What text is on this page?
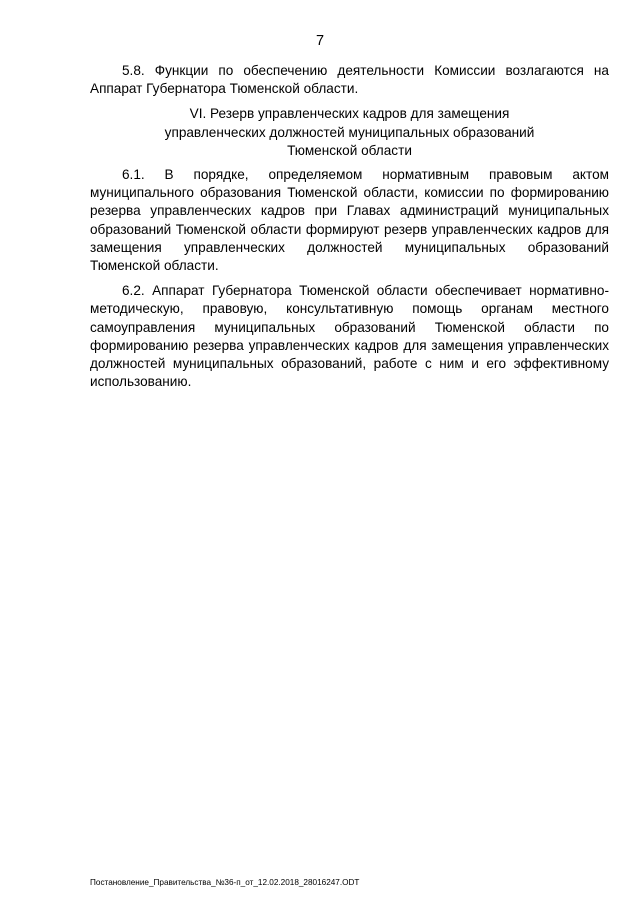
7

5.8. Функции по обеспечению деятельности Комиссии возлагаются на Аппарат Губернатора Тюменской области.

VI. Резерв управленческих кадров для замещения
управленческих должностей муниципальных образований
Тюменской области

6.1. В порядке, определяемом нормативным правовым актом муниципального образования Тюменской области, комиссии по формированию резерва управленческих кадров при Главах администраций муниципальных образований Тюменской области формируют резерв управленческих кадров для замещения управленческих должностей муниципальных образований Тюменской области.

6.2. Аппарат Губернатора Тюменской области обеспечивает нормативно-методическую, правовую, консультативную помощь органам местного самоуправления муниципальных образований Тюменской области по формированию резерва управленческих кадров для замещения управленческих должностей муниципальных образований, работе с ним и его эффективному использованию.

Постановление_Правительства_№36-п_от_12.02.2018_28016247.ODT
